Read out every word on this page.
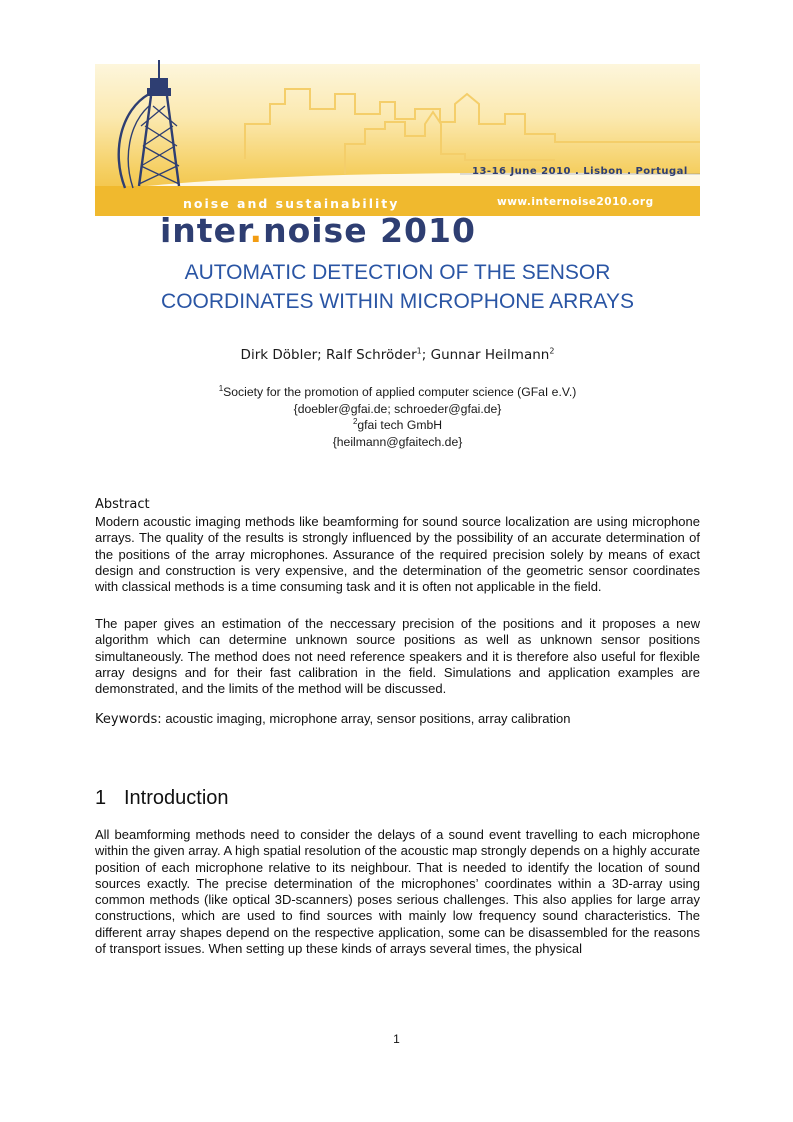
inter.noise 2010
noise and sustainability
13-16 June 2010 . Lisbon . Portugal
www.internoise2010.org
AUTOMATIC DETECTION OF THE SENSOR
COORDINATES WITHIN MICROPHONE ARRAYS
Dirk Döbler; Ralf Schröder$^1$; Gunnar Heilmann$^2$
$^1$Society for the promotion of applied computer science (GFaI e.V.)
{doebler@gfai.de; schroeder@gfai.de}
$^2$gfai tech GmbH
{heilmann@gfaitech.de}
Abstract

Modern acoustic imaging methods like beamforming for sound source localization are using microphone arrays. The quality of the results is strongly influenced by the possibility of an accurate determination of the positions of the array microphones. Assurance of the required precision solely by means of exact design and construction is very expensive, and the determination of the geometric sensor coordinates with classical methods is a time consuming task and it is often not applicable in the field.

The paper gives an estimation of the neccessary precision of the positions and it proposes a new algorithm which can determine unknown source positions as well as unknown sensor positions simultaneously. The method does not need reference speakers and it is therefore also useful for flexible array designs and for their fast calibration in the field. Simulations and application examples are demonstrated, and the limits of the method will be discussed.

Keywords: acoustic imaging, microphone array, sensor positions, array calibration
1 Introduction

All beamforming methods need to consider the delays of a sound event travelling to each microphone within the given array. A high spatial resolution of the acoustic map strongly depends on a highly accurate position of each microphone relative to its neighbour. That is needed to identify the location of sound sources exactly. The precise determination of the microphones’ coordinates within a 3D-array using common methods (like optical 3D-scanners) poses serious challenges. This also applies for large array constructions, which are used to find sources with mainly low frequency sound characteristics. The different array shapes depend on the respective application, some can be disassembled for the reasons of transport issues. When setting up these kinds of arrays several times, the physical

1
